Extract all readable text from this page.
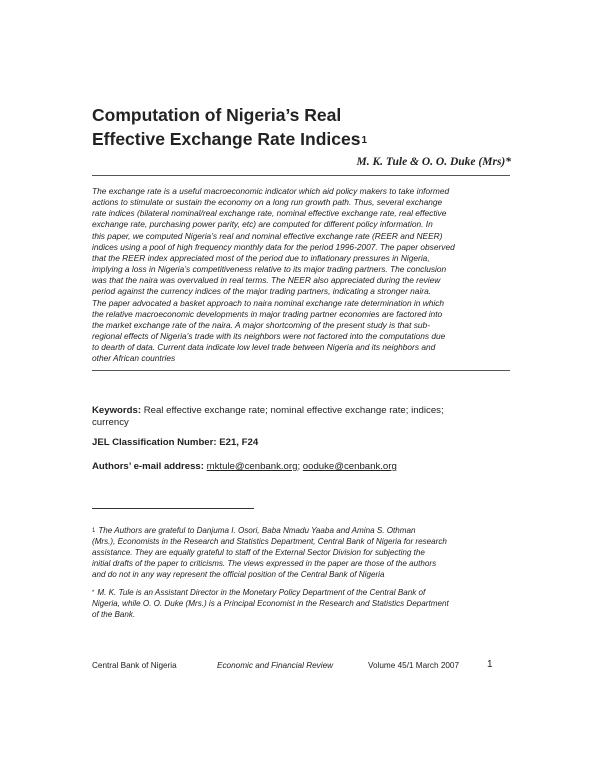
Computation of Nigeria’s Real
Effective Exchange Rate Indices$^1$
M. K. Tule & O. O. Duke (Mrs)*
The exchange rate is a useful macroeconomic indicator which aid policy makers to take informed
actions to stimulate or sustain the economy on a long run growth path. Thus, several exchange
rate indices (bilateral nominal/real exchange rate, nominal effective exchange rate, real effective
exchange rate, purchasing power parity, etc) are computed for different policy information. In
this paper, we computed Nigeria’s real and nominal effective exchange rate (REER and NEER)
indices using a pool of high frequency monthly data for the period 1996-2007. The paper observed
that the REER index appreciated most of the period due to inflationary pressures in Nigeria,
implying a loss in Nigeria’s competitiveness relative to its major trading partners. The conclusion
was that the naira was overvalued in real terms. The NEER also appreciated during the review
period against the currency indices of the major trading partners, indicating a stronger naira.
The paper advocated a basket approach to naira nominal exchange rate determination in which
the relative macroeconomic developments in major trading partner economies are factored into
the market exchange rate of the naira. A major shortcoming of the present study is that sub-
regional effects of Nigeria’s trade with its neighbors were not factored into the computations due
to dearth of data. Current data indicate low level trade between Nigeria and its neighbors and
other African countries
Keywords: Real effective exchange rate; nominal effective exchange rate; indices;
currency
JEL Classification Number: E21, F24
Authors’ e-mail address: mktule@cenbank.org; ooduke@cenbank.org
$^1$ The Authors are grateful to Danjuma I. Osori, Baba Nmadu Yaaba and Amina S. Othman
(Mrs.), Economists in the Research and Statistics Department, Central Bank of Nigeria for research
assistance. They are equally grateful to staff of the External Sector Division for subjecting the
initial drafts of the paper to criticisms. The views expressed in the paper are those of the authors
and do not in any way represent the official position of the Central Bank of Nigeria
* M. K. Tule is an Assistant Director in the Monetary Policy Department of the Central Bank of
Nigeria, while O. O. Duke (Mrs.) is a Principal Economist in the Research and Statistics Department
of the Bank.
Central Bank of Nigeria	Economic and Financial Review	Volume 45/1 March 2007	1
